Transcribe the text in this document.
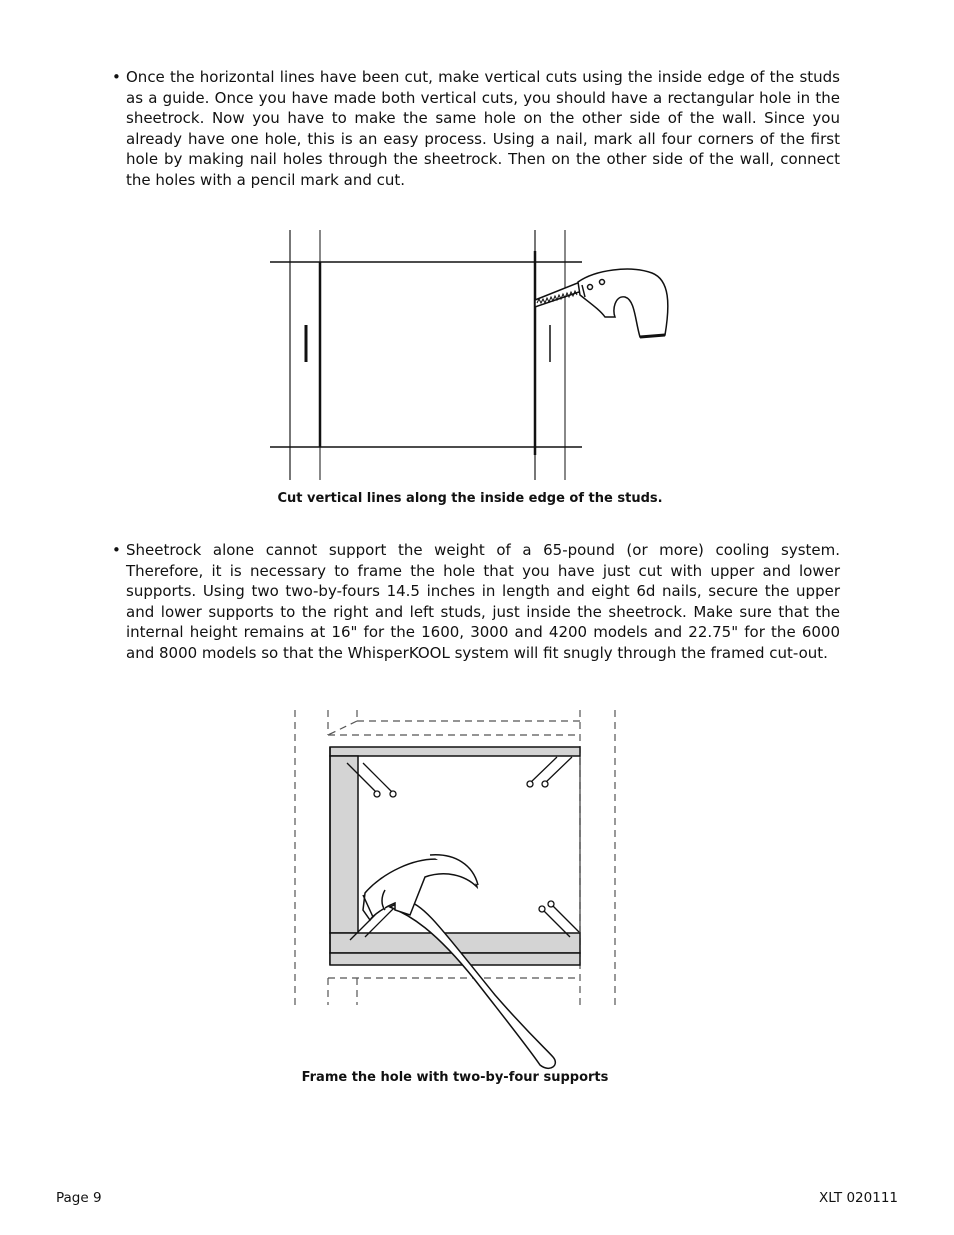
• Once the horizontal lines have been cut, make vertical cuts using the inside edge of the studs as a guide. Once you have made both vertical cuts, you should have a rectangular hole in the sheetrock. Now you have to make the same hole on the other side of the wall. Since you already have one hole, this is an easy process. Using a nail, mark all four corners of the first hole by making nail holes through the sheetrock. Then on the other side of the wall, connect the holes with a pencil mark and cut.
Cut vertical lines along the inside edge of the studs.
• Sheetrock alone cannot support the weight of a 65-pound (or more) cooling system. Therefore, it is necessary to frame the hole that you have just cut with upper and lower supports. Using two two-by-fours 14.5 inches in length and eight 6d nails, secure the upper and lower supports to the right and left studs, just inside the sheetrock. Make sure that the internal height remains at 16" for the 1600, 3000 and 4200 models and 22.75" for the 6000 and 8000 models so that the WhisperKOOL system will fit snugly through the framed cut-out.
Frame the hole with two-by-four supports
Page 9	XLT 020111
